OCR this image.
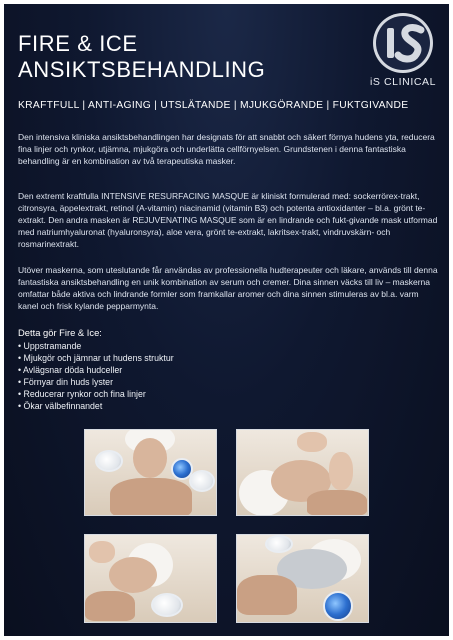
FIRE & ICE
ANSIKTSBEHANDLING	iS CLINICAL
KRAFTFULL | ANTI-AGING | UTSLÄTANDE | MJUKGÖRANDE | FUKTGIVANDE
Den intensiva kliniska ansiktsbehandlingen har designats för att snabbt och säkert förnya hudens yta, reducera fina linjer och rynkor, utjämna, mjukgöra och underlätta cellförnyelsen. Grundstenen i denna fantastiska behandling är en kombination av två terapeutiska masker.
Den extremt kraftfulla INTENSIVE RESURFACING MASQUE är kliniskt formulerad med: sockerrörex-trakt, citronsyra, äppelextrakt, retinol (A-vitamin) niacinamid (vitamin B3) och potenta antioxidanter – bl.a. grönt te-extrakt. Den andra masken är REJUVENATING MASQUE som är en lindrande och fukt-givande mask utformad med natriumhyaluronat (hyaluronsyra), aloe vera, grönt te-extrakt, lakritsex-trakt, vindruvskärn- och rosmarinextrakt.
Utöver maskerna, som uteslutande får användas av professionella hudterapeuter och läkare, används till denna fantastiska ansiktsbehandling en unik kombination av serum och cremer. Dina sinnen väcks till liv – maskerna omfattar både aktiva och lindrande formler som framkallar aromer och dina sinnen stimuleras av bl.a. varm kanel och frisk kylande pepparmynta.
Detta gör Fire & Ice:
• Uppstramande
• Mjukgör och jämnar ut hudens struktur
• Avlägsnar döda hudceller
• Förnyar din huds lyster
• Reducerar rynkor och fina linjer
• Ökar välbefinnandet
